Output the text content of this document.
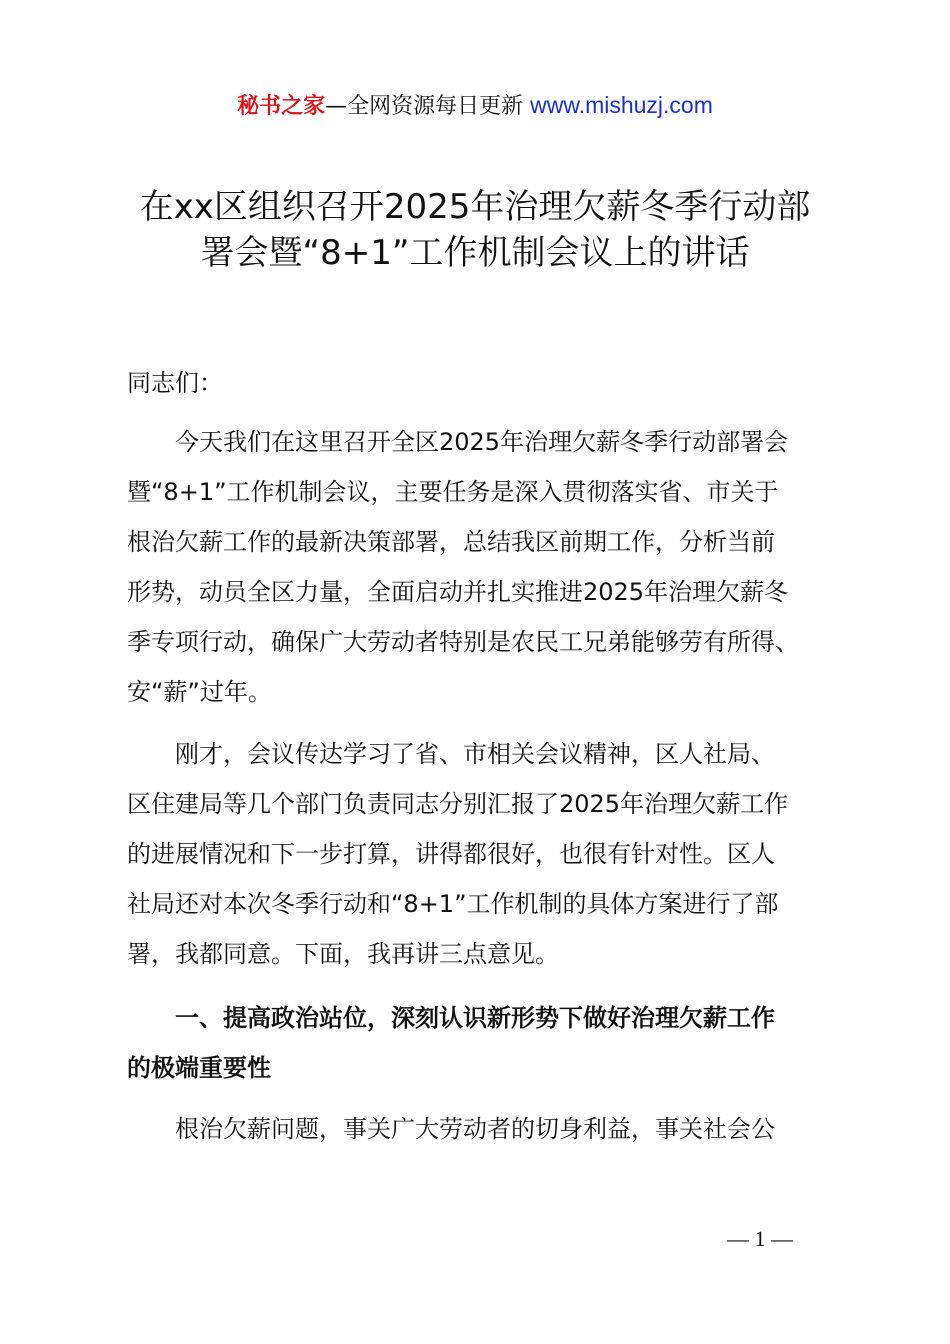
秘书之家—全网资源每日更新 www.mishuzj.com
在xx区组织召开2025年治理欠薪冬季行动部
署会暨“8+1”工作机制会议上的讲话
同志们：
　　今天我们在这里召开全区2025年治理欠薪冬季行动部署会
暨“8+1”工作机制会议，主要任务是深入贯彻落实省、市关于
根治欠薪工作的最新决策部署，总结我区前期工作，分析当前
形势，动员全区力量，全面启动并扎实推进2025年治理欠薪冬
季专项行动，确保广大劳动者特别是农民工兄弟能够劳有所得、
安“薪”过年。
　　刚才，会议传达学习了省、市相关会议精神，区人社局、
区住建局等几个部门负责同志分别汇报了2025年治理欠薪工作
的进展情况和下一步打算，讲得都很好，也很有针对性。区人
社局还对本次冬季行动和“8+1”工作机制的具体方案进行了部
署，我都同意。下面，我再讲三点意见。
　　一、提高政治站位，深刻认识新形势下做好治理欠薪工作
的极端重要性
　　根治欠薪问题，事关广大劳动者的切身利益，事关社会公
— 1 —
